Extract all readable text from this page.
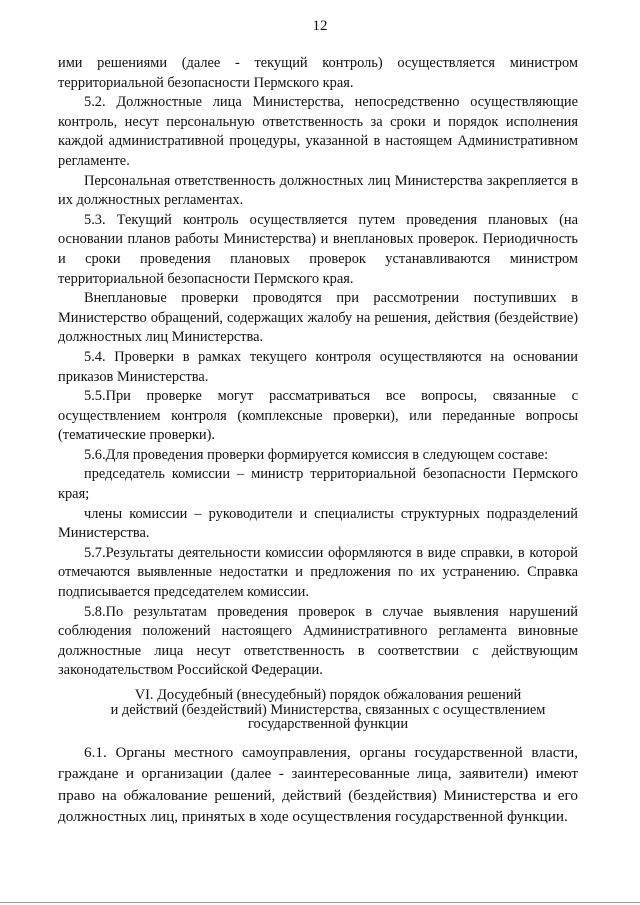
12

ими решениями (далее - текущий контроль) осуществляется министром территориальной безопасности Пермского края.

5.2. Должностные лица Министерства, непосредственно осуществляющие контроль, несут персональную ответственность за сроки и порядок исполнения каждой административной процедуры, указанной в настоящем Административном регламенте.

Персональная ответственность должностных лиц Министерства закрепляется в их должностных регламентах.

5.3. Текущий контроль осуществляется путем проведения плановых (на основании планов работы Министерства) и внеплановых проверок. Периодичность и сроки проведения плановых проверок устанавливаются министром территориальной безопасности Пермского края.

Внеплановые проверки проводятся при рассмотрении поступивших в Министерство обращений, содержащих жалобу на решения, действия (бездействие) должностных лиц Министерства.

5.4. Проверки в рамках текущего контроля осуществляются на основании приказов Министерства.

5.5.При проверке могут рассматриваться все вопросы, связанные с осуществлением контроля (комплексные проверки), или переданные вопросы (тематические проверки).

5.6.Для проведения проверки формируется комиссия в следующем составе:

председатель комиссии – министр территориальной безопасности Пермского края;

члены комиссии – руководители и специалисты структурных подразделений Министерства.

5.7.Результаты деятельности комиссии оформляются в виде справки, в которой отмечаются выявленные недостатки и предложения по их устранению. Справка подписывается председателем комиссии.

5.8.По результатам проведения проверок в случае выявления нарушений соблюдения положений настоящего Административного регламента виновные должностные лица несут ответственность в соответствии с действующим законодательством Российской Федерации.

VI. Досудебный (внесудебный) порядок обжалования решений
и действий (бездействий) Министерства, связанных с осуществлением
государственной функции

6.1. Органы местного самоуправления, органы государственной власти, граждане и организации (далее - заинтересованные лица, заявители) имеют право на обжалование решений, действий (бездействия) Министерства и его должностных лиц, принятых в ходе осуществления государственной функции.
